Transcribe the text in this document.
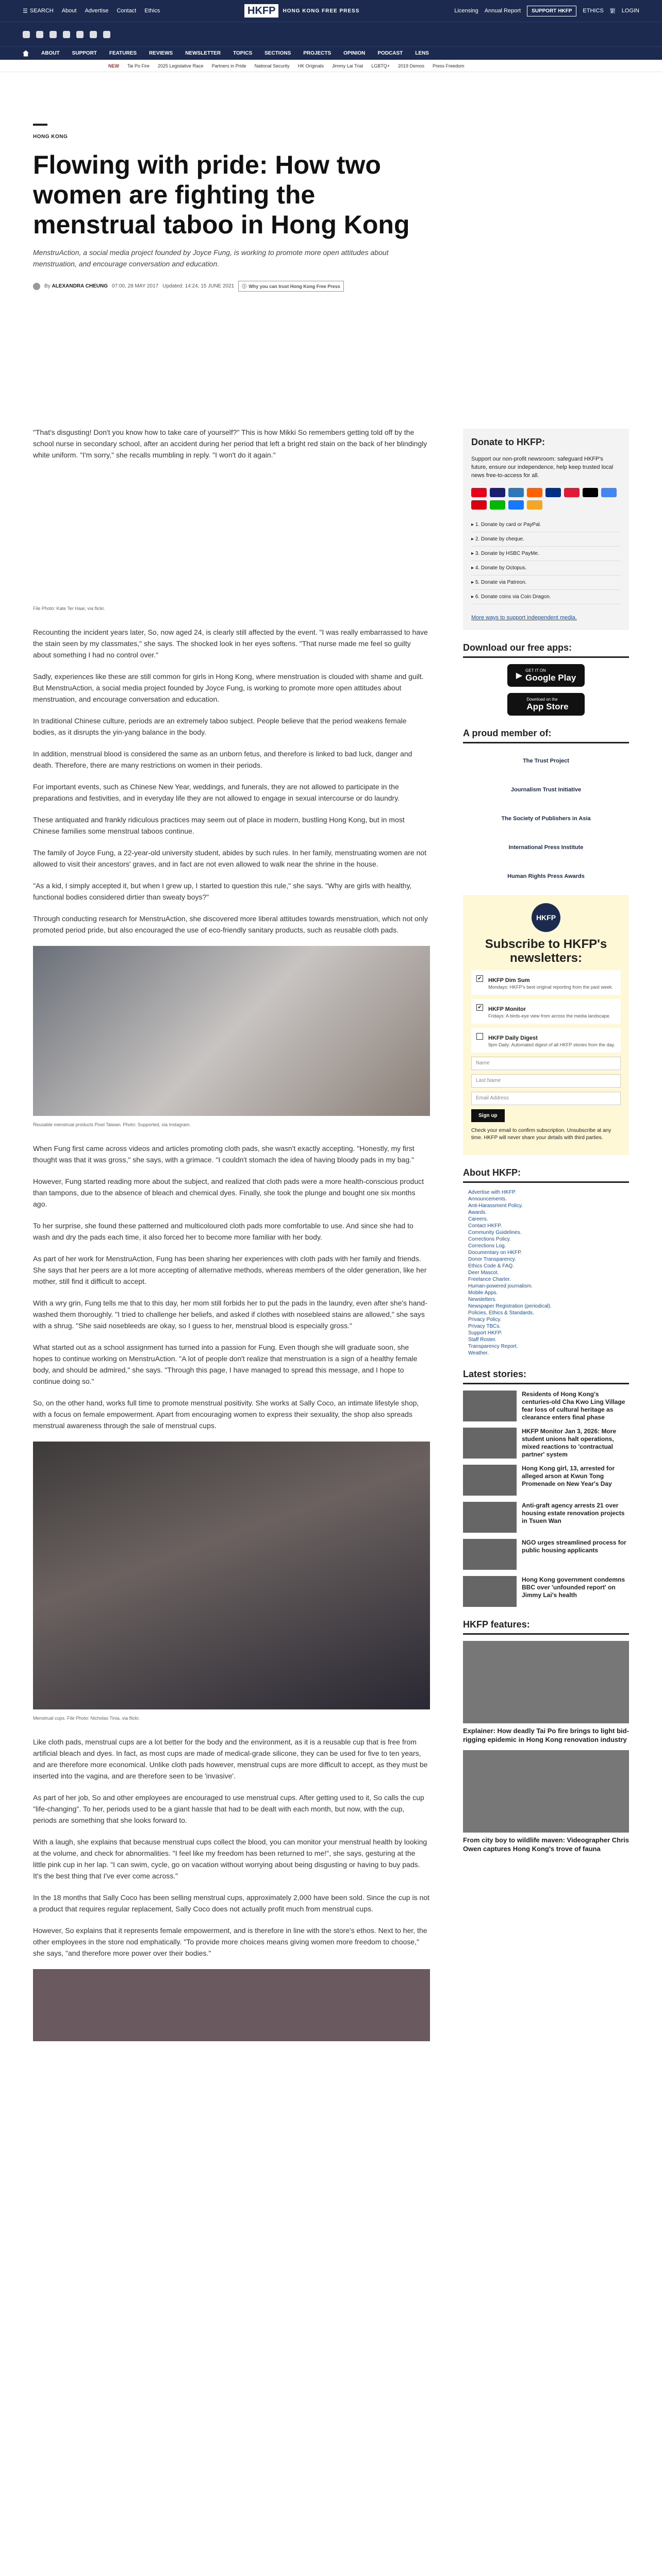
☰ SEARCH About Advertise Contact Ethics	HKFP	HONG KONG FREE PRESS	Licensing Annual Report	SUPPORT HKFP	ETHICS 繁 LOGIN
ABOUT SUPPORT FEATURES REVIEWS NEWSLETTER TOPICS SECTIONS PROJECTS OPINION PODCAST LENS
NEW Tai Po Fire 2025 Legislative Race Partners in Pride National Security HK Originals Jimmy Lai Trial LGBTQ+ 2019 Demos Press Freedom
HONG KONG
Flowing with pride: How two women are fighting the menstrual taboo in Hong Kong
MenstruAction, a social media project founded by Joyce Fung, is working to promote more open attitudes about menstruation, and encourage conversation and education.
By ALEXANDRA CHEUNG 07:00, 28 MAY 2017 Updated: 14:24, 15 JUNE 2021 ⓘ Why you can trust Hong Kong Free Press

"That's disgusting! Don't you know how to take care of yourself?" This is how Mikki So remembers getting told off by the school nurse in secondary school, after an accident during her period that left a bright red stain on the back of her blindingly white uniform. "I'm sorry," she recalls mumbling in reply. "I won't do it again."

File Photo: Kate Ter Haar, via flickr.

Recounting the incident years later, So, now aged 24, is clearly still affected by the event. "I was really embarrassed to have the stain seen by my classmates," she says. The shocked look in her eyes softens. "That nurse made me feel so guilty about something I had no control over."

Sadly, experiences like these are still common for girls in Hong Kong, where menstruation is clouded with shame and guilt. But MenstruAction, a social media project founded by Joyce Fung, is working to promote more open attitudes about menstruation, and encourage conversation and education.

In traditional Chinese culture, periods are an extremely taboo subject. People believe that the period weakens female bodies, as it disrupts the yin-yang balance in the body.

In addition, menstrual blood is considered the same as an unborn fetus, and therefore is linked to bad luck, danger and death. Therefore, there are many restrictions on women in their periods.

For important events, such as Chinese New Year, weddings, and funerals, they are not allowed to participate in the preparations and festivities, and in everyday life they are not allowed to engage in sexual intercourse or do laundry.

These antiquated and frankly ridiculous practices may seem out of place in modern, bustling Hong Kong, but in most Chinese families some menstrual taboos continue.

The family of Joyce Fung, a 22-year-old university student, abides by such rules. In her family, menstruating women are not allowed to visit their ancestors' graves, and in fact are not even allowed to walk near the shrine in the house.

"As a kid, I simply accepted it, but when I grew up, I started to question this rule," she says. "Why are girls with healthy, functional bodies considered dirtier than sweaty boys?"

Through conducting research for MenstruAction, she discovered more liberal attitudes towards menstruation, which not only promoted period pride, but also encouraged the use of eco-friendly sanitary products, such as reusable cloth pads.

Reusable menstrual products Pixel Taiwan. Photo: Supported, via Instagram.

When Fung first came across videos and articles promoting cloth pads, she wasn't exactly accepting. "Honestly, my first thought was that it was gross," she says, with a grimace. "I couldn't stomach the idea of having bloody pads in my bag."

However, Fung started reading more about the subject, and realized that cloth pads were a more health-conscious product than tampons, due to the absence of bleach and chemical dyes. Finally, she took the plunge and bought one six months ago.

To her surprise, she found these patterned and multicoloured cloth pads more comfortable to use. And since she had to wash and dry the pads each time, it also forced her to become more familiar with her body.

As part of her work for MenstruAction, Fung has been sharing her experiences with cloth pads with her family and friends. She says that her peers are a lot more accepting of alternative methods, whereas members of the older generation, like her mother, still find it difficult to accept.

With a wry grin, Fung tells me that to this day, her mom still forbids her to put the pads in the laundry, even after she's hand-washed them thoroughly. "I tried to challenge her beliefs, and asked if clothes with nosebleed stains are allowed," she says with a shrug. "She said nosebleeds are okay, so I guess to her, menstrual blood is especially gross."

What started out as a school assignment has turned into a passion for Fung. Even though she will graduate soon, she hopes to continue working on MenstruAction. "A lot of people don't realize that menstruation is a sign of a healthy female body, and should be admired," she says. "Through this page, I have managed to spread this message, and I hope to continue doing so."

So, on the other hand, works full time to promote menstrual positivity. She works at Sally Coco, an intimate lifestyle shop, with a focus on female empowerment. Apart from encouraging women to express their sexuality, the shop also spreads menstrual awareness through the sale of menstrual cups.

Menstrual cups. File Photo: Nicholas Tinia, via flickr.

Like cloth pads, menstrual cups are a lot better for the body and the environment, as it is a reusable cup that is free from artificial bleach and dyes. In fact, as most cups are made of medical-grade silicone, they can be used for five to ten years, and are therefore more economical. Unlike cloth pads however, menstrual cups are more difficult to accept, as they must be inserted into the vagina, and are therefore seen to be 'invasive'.

As part of her job, So and other employees are encouraged to use menstrual cups. After getting used to it, So calls the cup "life-changing". To her, periods used to be a giant hassle that had to be dealt with each month, but now, with the cup, periods are something that she looks forward to.

With a laugh, she explains that because menstrual cups collect the blood, you can monitor your menstrual health by looking at the volume, and check for abnormalities. "I feel like my freedom has been returned to me!", she says, gesturing at the little pink cup in her lap. "I can swim, cycle, go on vacation without worrying about being disgusting or having to buy pads. It's the best thing that I've ever come across."

In the 18 months that Sally Coco has been selling menstrual cups, approximately 2,000 have been sold. Since the cup is not a product that requires regular replacement, Sally Coco does not actually profit much from menstrual cups.

However, So explains that it represents female empowerment, and is therefore in line with the store's ethos. Next to her, the other employees in the store nod emphatically. "To provide more choices means giving women more freedom to choose," she says, "and therefore more power over their bodies."

Donate to HKFP:

Support our non-profit newsroom: safeguard HKFP's future, ensure our independence, help keep trusted local news free-to-access for all.

▸ 1. Donate by card or PayPal.
▸ 2. Donate by cheque.
▸ 3. Donate by HSBC PayMe.
▸ 4. Donate by Octopus.
▸ 5. Donate via Patreon.
▸ 6. Donate coins via Coin Dragon.

More ways to support independent media.

Download our free apps:
▶
GET IT ON
Google Play
Download on the
App Store
A proud member of:
The Trust Project
Journalism Trust Initiative
The Society of Publishers in Asia
International Press Institute
Human Rights Press Awards
HKFP
Subscribe to HKFP's newsletters:
✔ HKFP Dim Sum
Mondays: HKFP's best original reporting from the past week.
✔ HKFP Monitor
Fridays: A birds-eye view from across the media landscape.
HKFP Daily Digest
9pm Daily: Automated digest of all HKFP stories from the day.
Name
Last Name
Email Address
Sign up

Check your email to confirm subscription. Unsubscribe at any time. HKFP will never share your details with third parties.

About HKFP:
Advertise with HKFP.
Announcements.
Anti-Harassment Policy.
Awards.
Careers.
Contact HKFP.
Community Guidelines.
Corrections Policy.
Corrections Log.
Documentary on HKFP.
Donor Transparency.
Ethics Code & FAQ.
Deer Mascot.
Freelance Charter.
Human-powered journalism.
Mobile Apps.
Newsletters.
Newspaper Registration (periodical).
Policies, Ethics & Standards.
Privacy Policy.
Privacy TBCs.
Support HKFP.
Staff Roster.
Transparency Report.
Weather.
Latest stories:
Residents of Hong Kong's centuries-old Cha Kwo Ling Village fear loss of cultural heritage as clearance enters final phase
HKFP Monitor Jan 3, 2026: More student unions halt operations, mixed reactions to 'contractual partner' system
Hong Kong girl, 13, arrested for alleged arson at Kwun Tong Promenade on New Year's Day
Anti-graft agency arrests 21 over housing estate renovation projects in Tsuen Wan
NGO urges streamlined process for public housing applicants
Hong Kong government condemns BBC over 'unfounded report' on Jimmy Lai's health
HKFP features:
Explainer: How deadly Tai Po fire brings to light bid-rigging epidemic in Hong Kong renovation industry
From city boy to wildlife maven: Videographer Chris Owen captures Hong Kong's trove of fauna
